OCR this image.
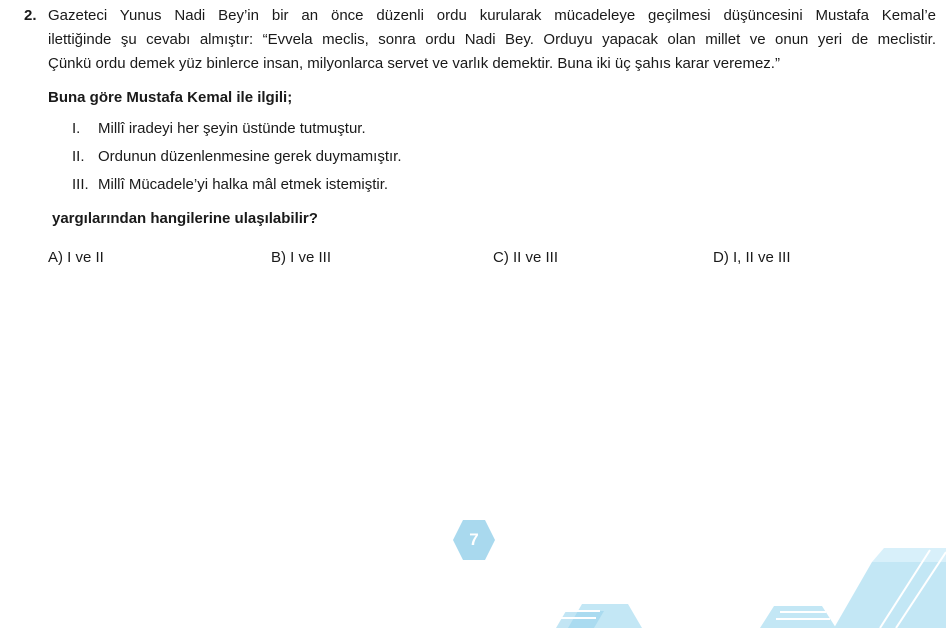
2. Gazeteci Yunus Nadi Bey’in bir an önce düzenli ordu kurularak mücadeleye geçilmesi düşüncesini Mustafa Kemal’e
ilettiğinde şu cevabı almıştır: “Evvela meclis, sonra ordu Nadi Bey. Orduyu yapacak olan millet ve onun yeri de meclistir.
Çünkü ordu demek yüz binlerce insan, milyonlarca servet ve varlık demektir. Buna iki üç şahıs karar veremez.”
Buna göre Mustafa Kemal ile ilgili;
I. Millî iradeyi her şeyin üstünde tutmuştur.
II. Ordunun düzenlenmesine gerek duymamıştır.
III. Millî Mücadele’yi halka mâl etmek istemiştir.
yargılarından hangilerine ulaşılabilir?
A) I ve II	B) I ve III	C) II ve III	D) I, II ve III
7
